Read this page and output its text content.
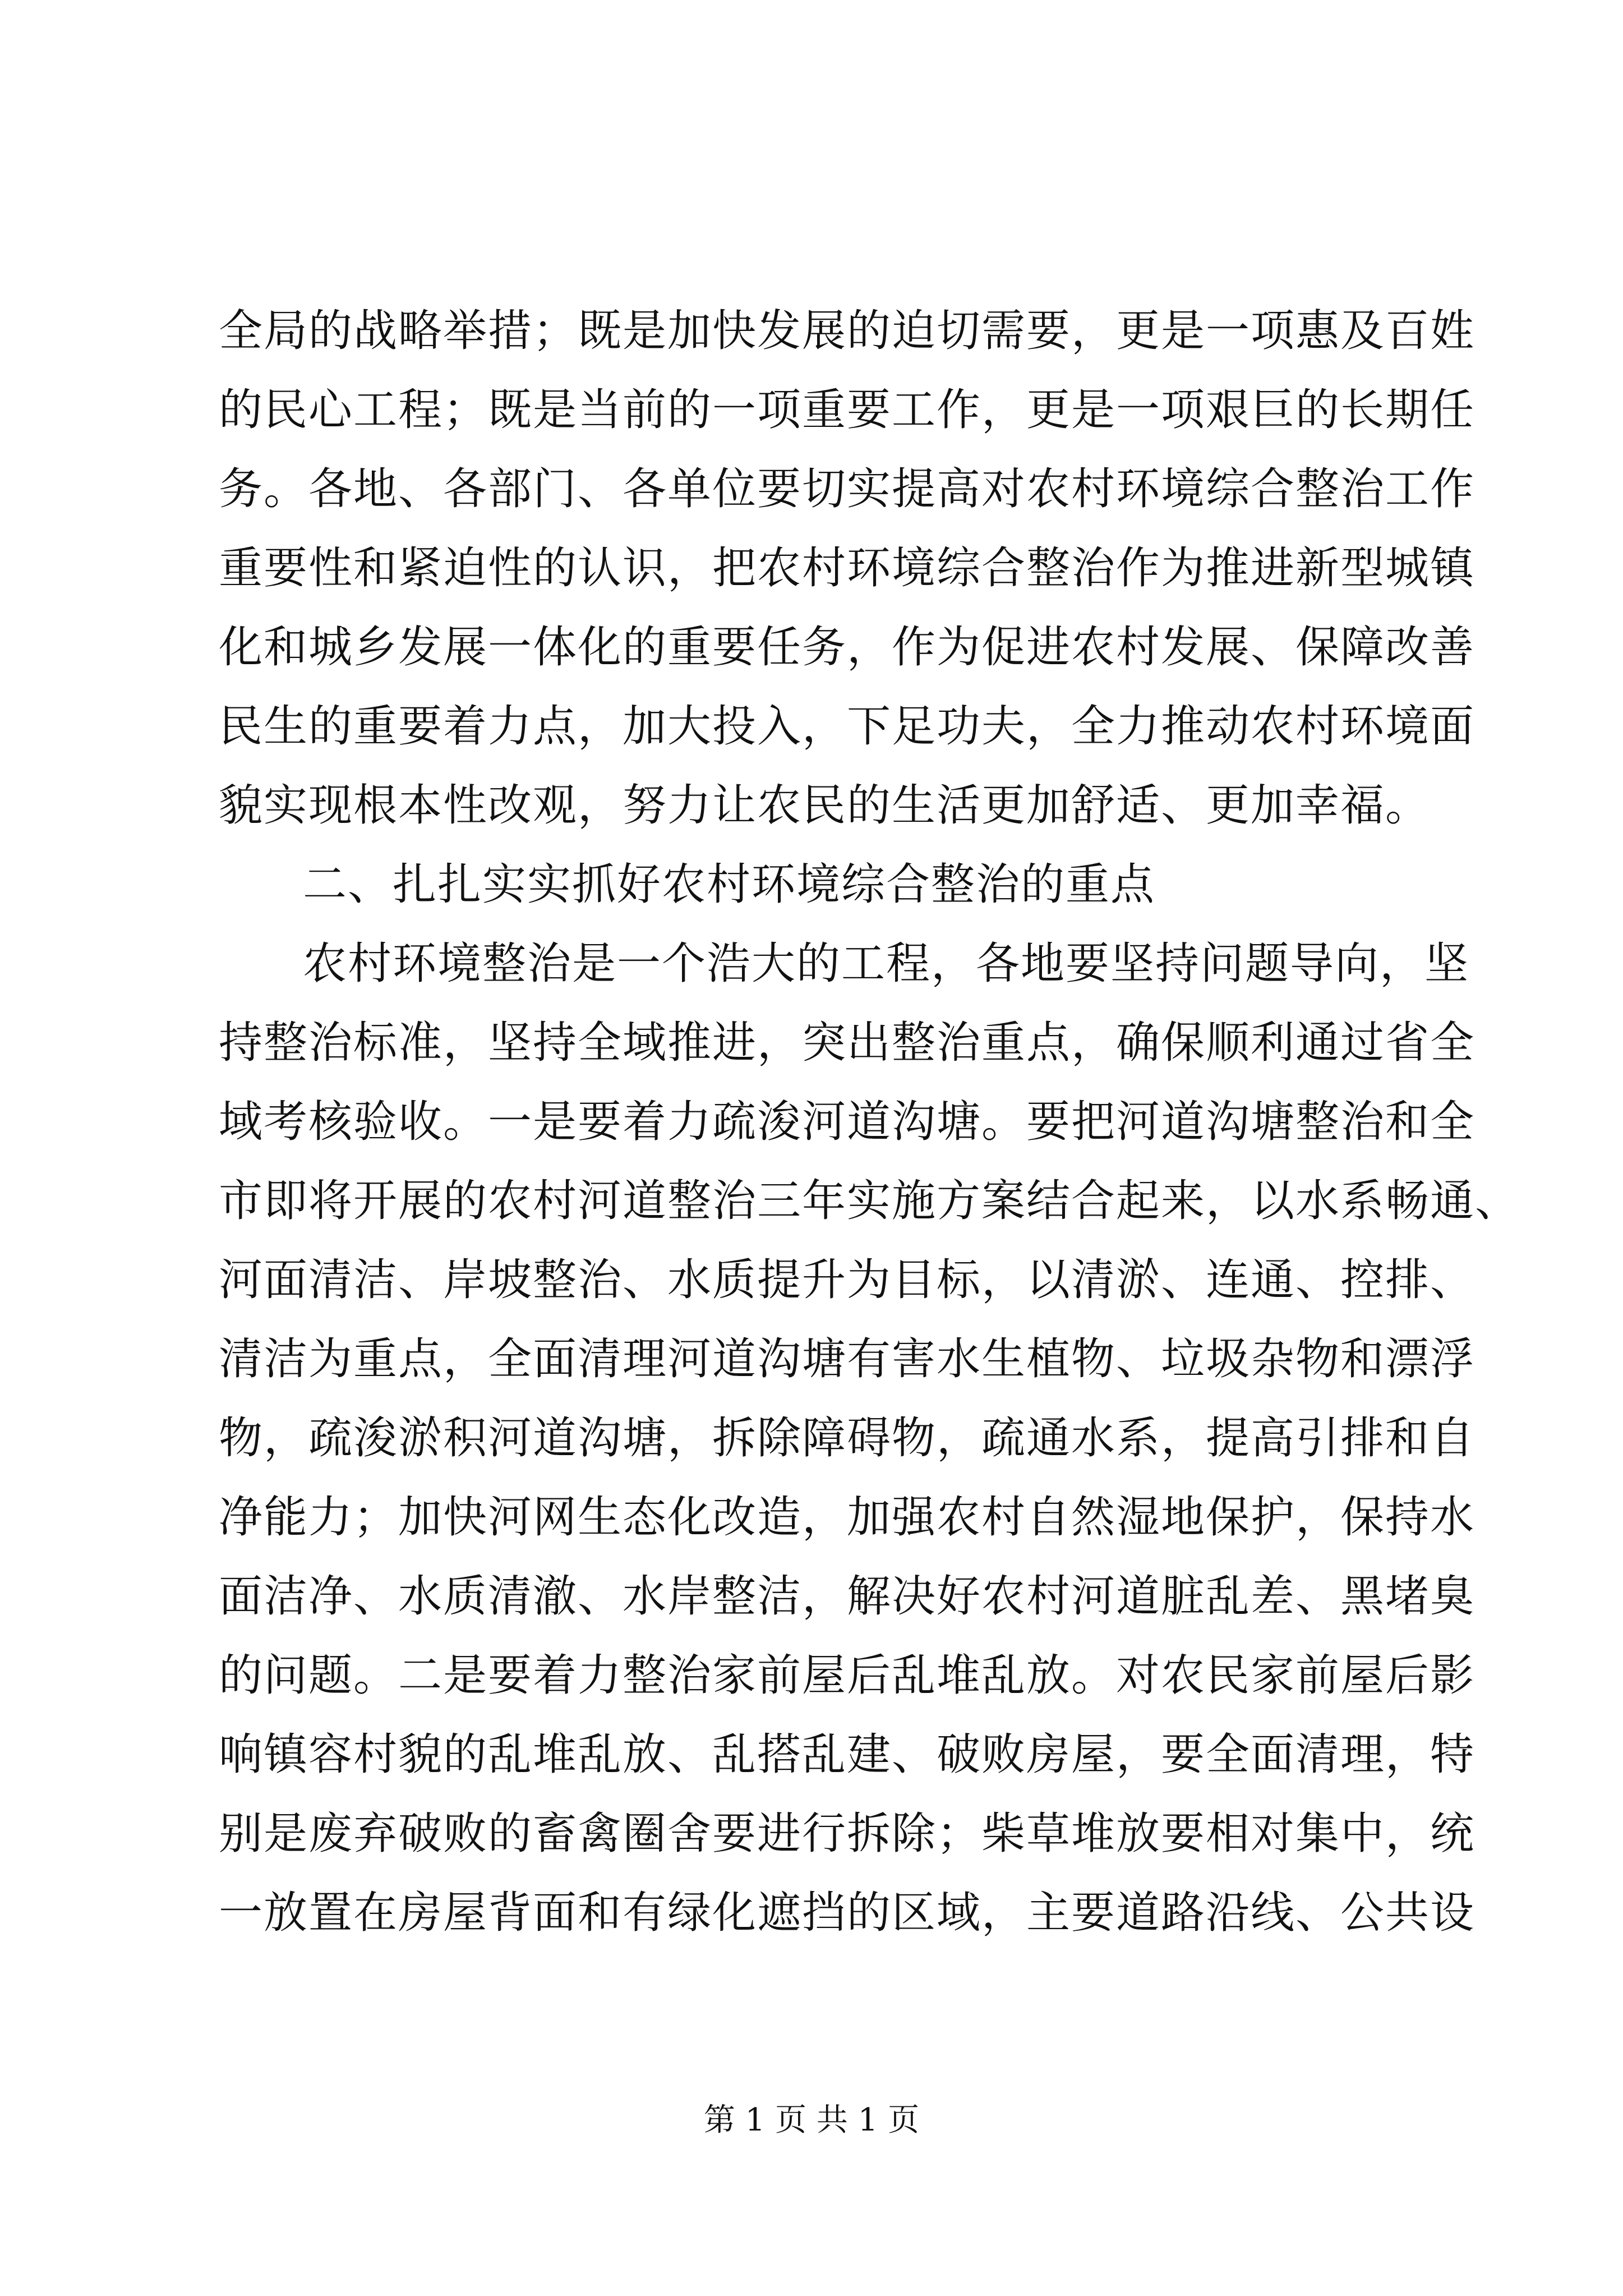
全局的战略举措；既是加快发展的迫切需要，更是一项惠及百姓
的民心工程；既是当前的一项重要工作，更是一项艰巨的长期任
务。各地、各部门、各单位要切实提高对农村环境综合整治工作
重要性和紧迫性的认识，把农村环境综合整治作为推进新型城镇
化和城乡发展一体化的重要任务，作为促进农村发展、保障改善
民生的重要着力点，加大投入，下足功夫，全力推动农村环境面
貌实现根本性改观，努力让农民的生活更加舒适、更加幸福。
二、扎扎实实抓好农村环境综合整治的重点
农村环境整治是一个浩大的工程，各地要坚持问题导向，坚
持整治标准，坚持全域推进，突出整治重点，确保顺利通过省全
域考核验收。一是要着力疏浚河道沟塘。要把河道沟塘整治和全
市即将开展的农村河道整治三年实施方案结合起来，以水系畅通、
河面清洁、岸坡整治、水质提升为目标，以清淤、连通、控排、
清洁为重点，全面清理河道沟塘有害水生植物、垃圾杂物和漂浮
物，疏浚淤积河道沟塘，拆除障碍物，疏通水系，提高引排和自
净能力；加快河网生态化改造，加强农村自然湿地保护，保持水
面洁净、水质清澈、水岸整洁，解决好农村河道脏乱差、黑堵臭
的问题。二是要着力整治家前屋后乱堆乱放。对农民家前屋后影
响镇容村貌的乱堆乱放、乱搭乱建、破败房屋，要全面清理，特
别是废弃破败的畜禽圈舍要进行拆除；柴草堆放要相对集中，统
一放置在房屋背面和有绿化遮挡的区域，主要道路沿线、公共设
第 1 页 共 1 页
